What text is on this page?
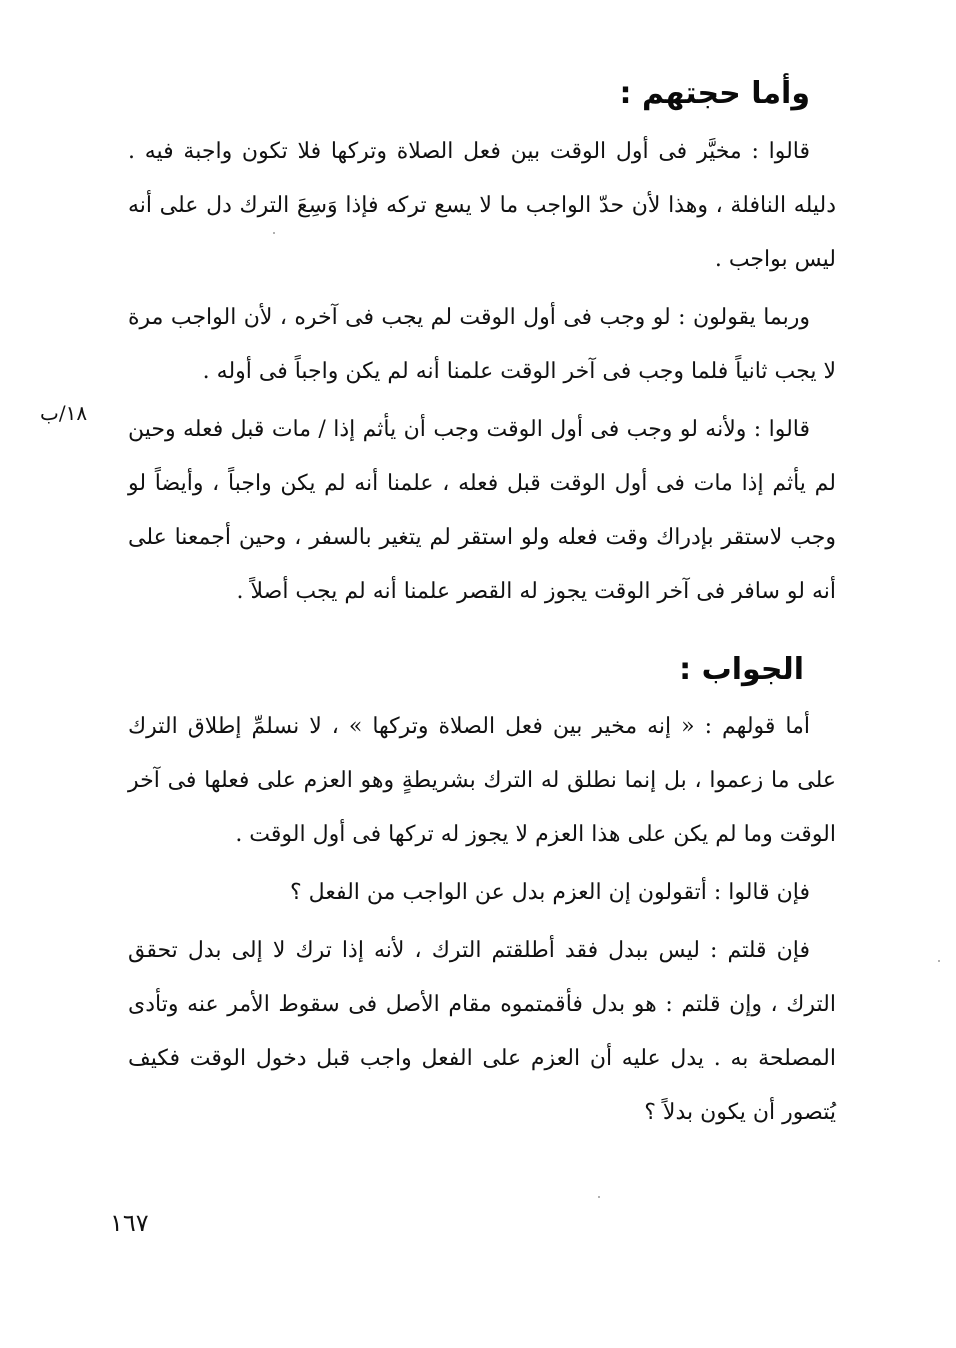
وأما حجتهم :

قالوا : مخيَّر فى أول الوقت بين فعل الصلاة وتركها فلا تكون واجبة فيه . دليله النافلة ، وهذا لأن حدّ الواجب ما لا يسع تركه فإذا وَسِعَ الترك دل على أنه ليس بواجب .

وربما يقولون : لو وجب فى أول الوقت لم يجب فى آخره ، لأن الواجب مرة لا يجب ثانياً فلما وجب فى آخر الوقت علمنا أنه لم يكن واجباً فى أوله .

قالوا : ولأنه لو وجب فى أول الوقت وجب أن يأثم إذا / مات قبل فعله وحين لم يأثم إذا مات فى أول الوقت قبل فعله ، علمنا أنه لم يكن واجباً ، وأيضاً لو وجب لاستقر بإدراك وقت فعله ولو استقر لم يتغير بالسفر ، وحين أجمعنا على أنه لو سافر فى آخر الوقت يجوز له القصر علمنا أنه لم يجب أصلاً .

١٨/ب
الجواب :

أما قولهم : « إنه مخير بين فعل الصلاة وتركها » ، لا نسلمِّ إطلاق الترك على ما زعموا ، بل إنما نطلق له الترك بشريطةٍ وهو العزم على فعلها فى آخر الوقت وما لم يكن على هذا العزم لا يجوز له تركها فى أول الوقت .

فإن قالوا : أتقولون إن العزم بدل عن الواجب من الفعل ؟

فإن قلتم : ليس ببدل فقد أطلقتم الترك ، لأنه إذا ترك لا إلى بدل تحقق الترك ، وإن قلتم : هو بدل فأقمتموه مقام الأصل فى سقوط الأمر عنه وتأدى المصلحة به . يدل عليه أن العزم على الفعل واجب قبل دخول الوقت فكيف يُتصور أن يكون بدلاً ؟

١٦٧
